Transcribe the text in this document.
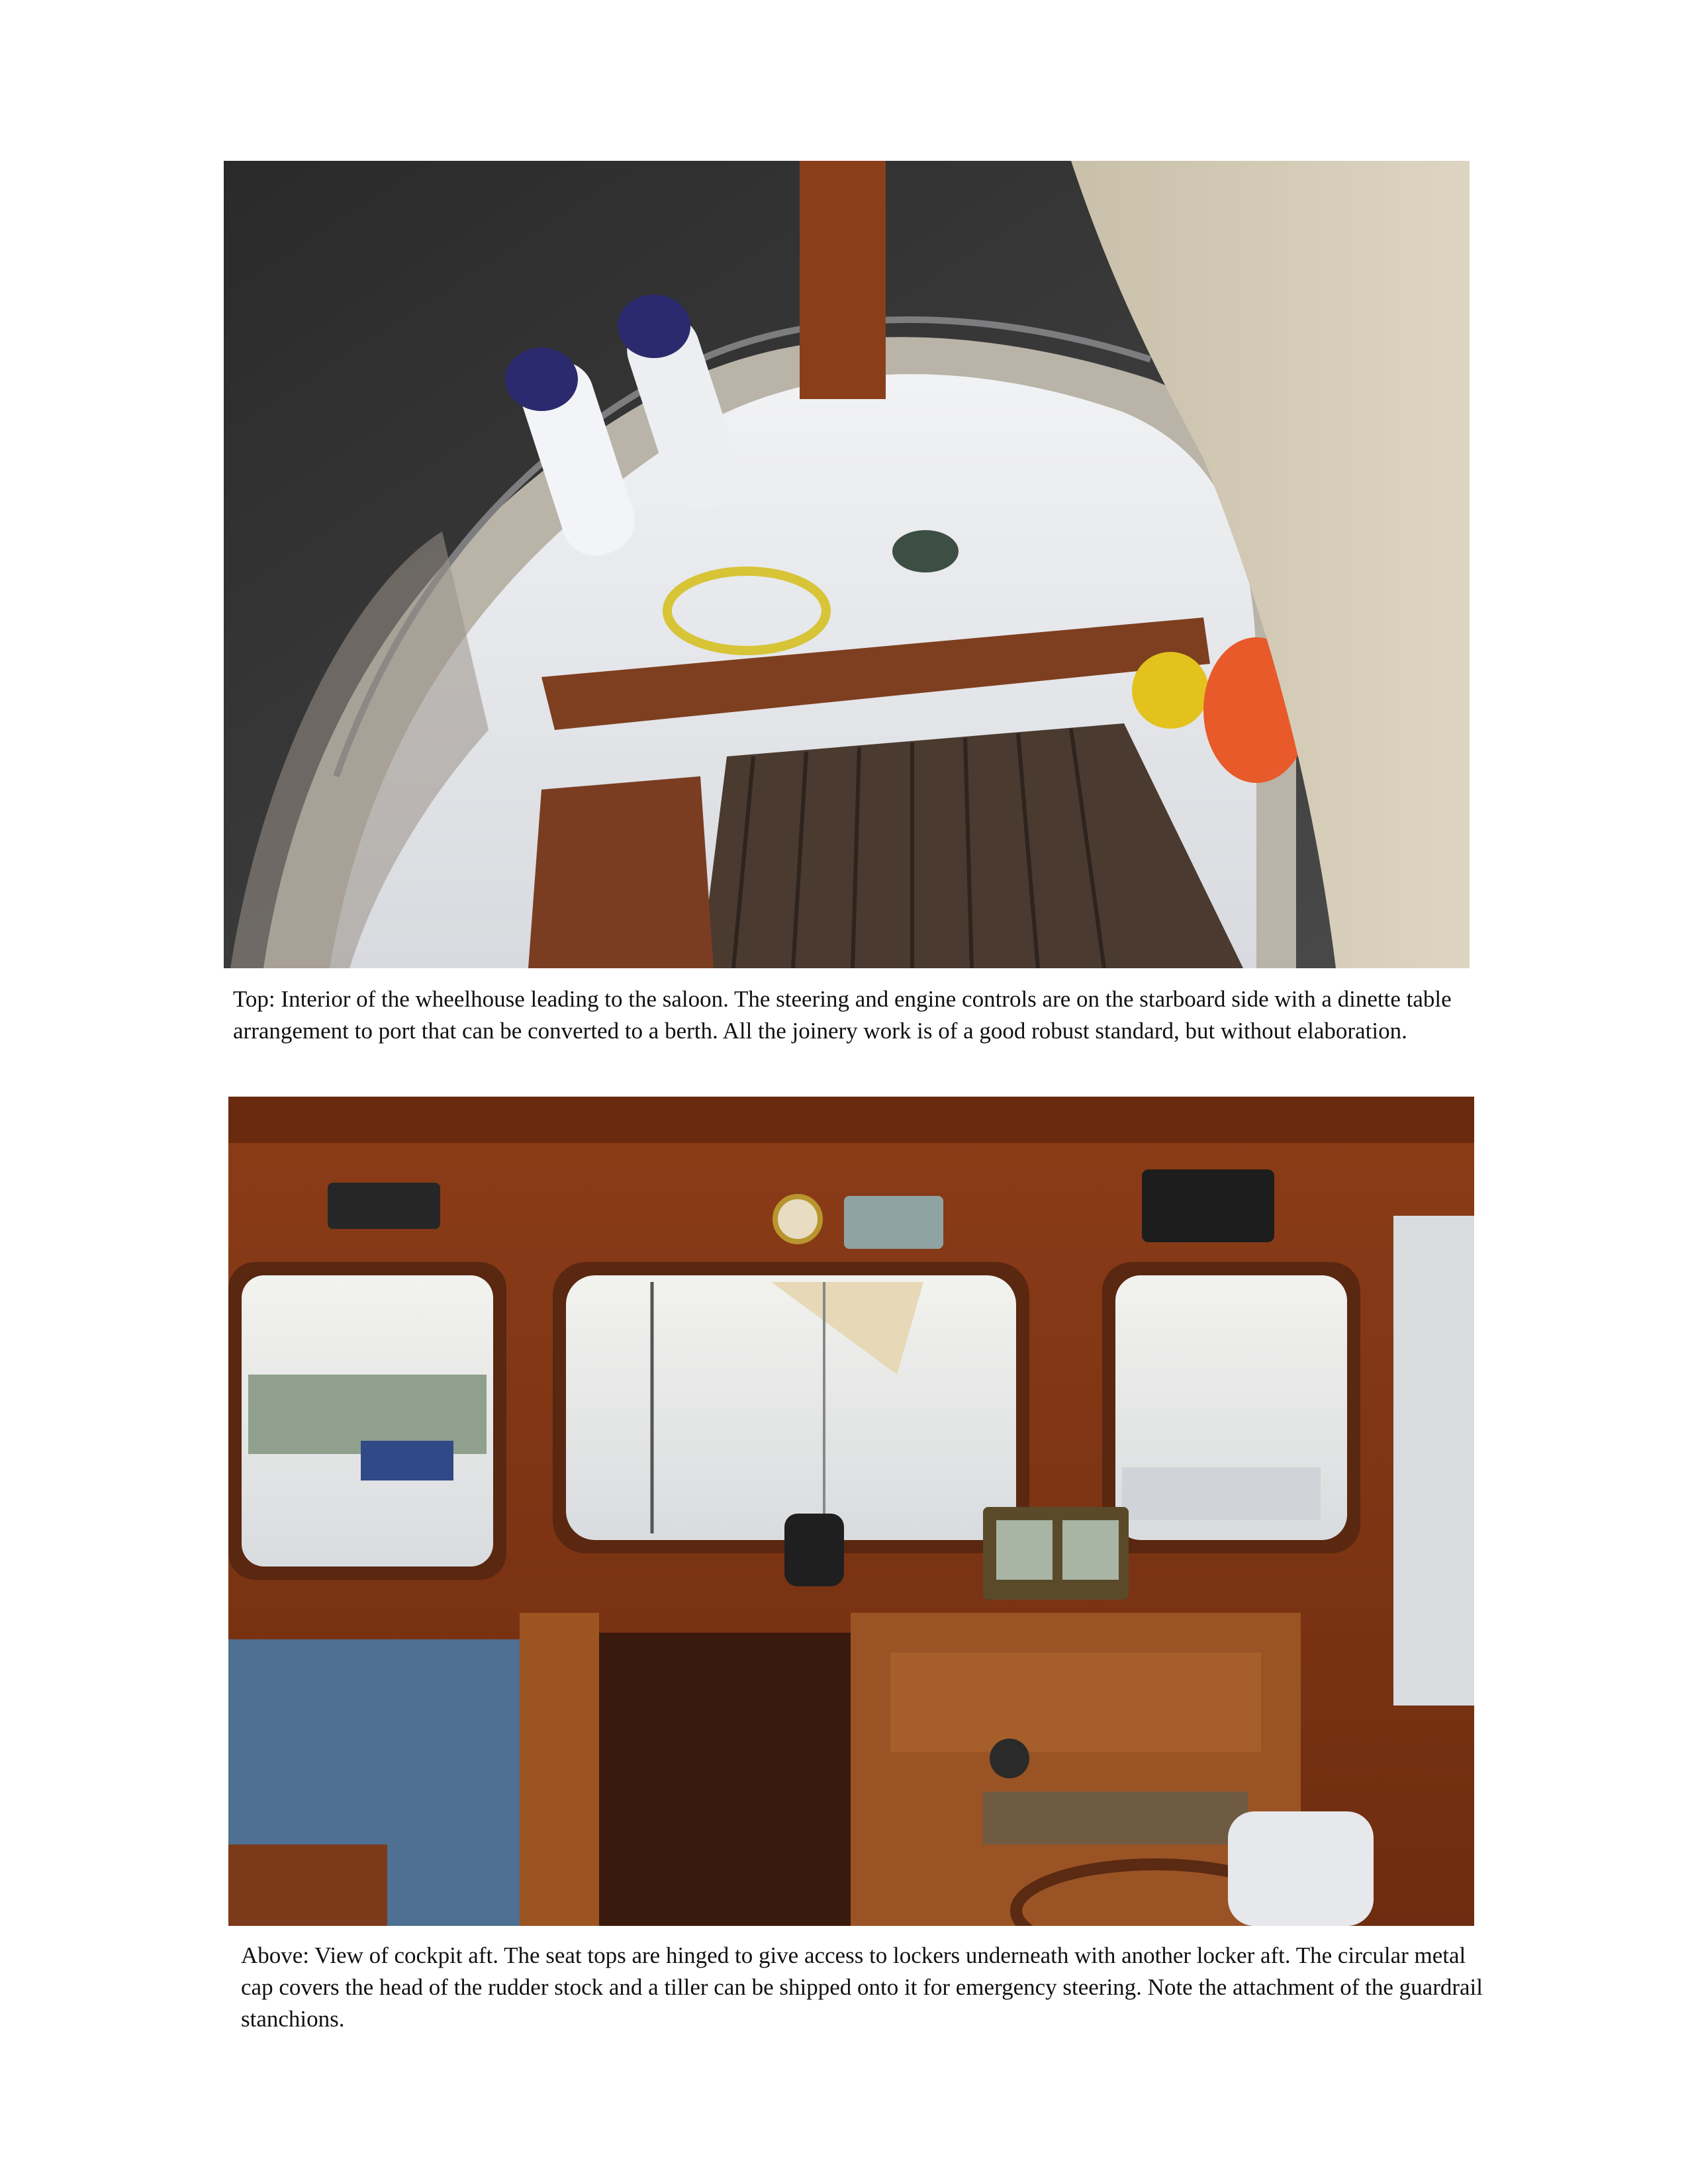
Top: Interior of the wheelhouse leading to the saloon. The steering and engine controls are on the starboard side with a dinette table arrangement to port that can be converted to a berth. All the joinery work is of a good robust standard, but without elaboration.

Above: View of cockpit aft. The seat tops are hinged to give access to lockers underneath with another locker aft. The circular metal cap covers the head of the rudder stock and a tiller can be shipped onto it for emergency steering. Note the attachment of the guardrail stanchions.
